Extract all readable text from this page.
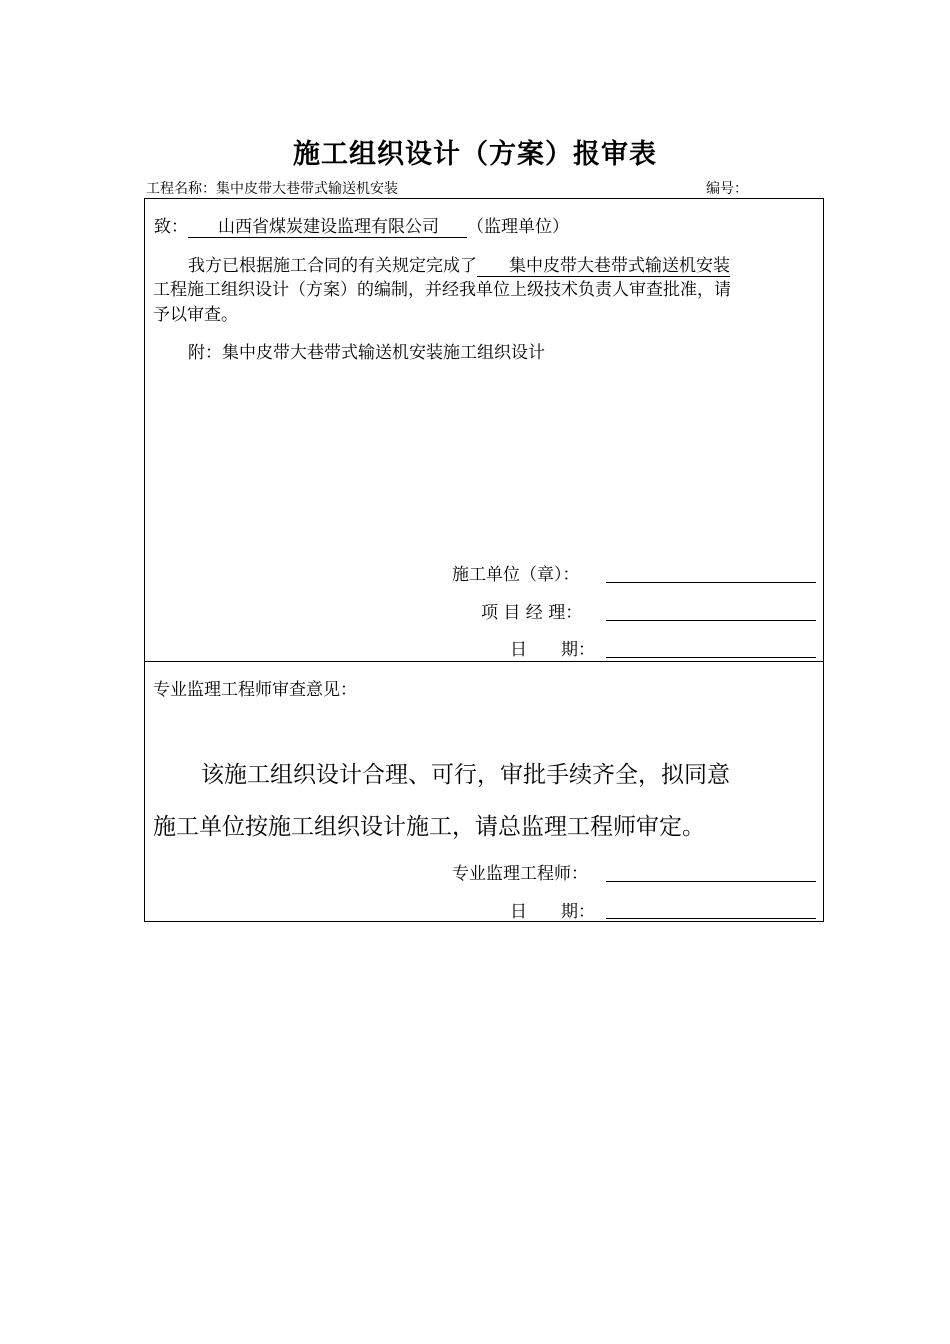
施工组织设计（方案）报审表
工程名称：集中皮带大巷带式输送机安装	编号：
致： 山西省煤炭建设监理有限公司 （监理单位）
我方已根据施工合同的有关规定完成了 集中皮带大巷带式输送机安装
工程施工组织设计（方案）的编制，并经我单位上级技术负责人审查批准，请
予以审查。
附：集中皮带大巷带式输送机安装施工组织设计
施工单位（章）：
项 目 经 理：
日　　期：
专业监理工程师审查意见：
该施工组织设计合理、可行，审批手续齐全，拟同意
施工单位按施工组织设计施工，请总监理工程师审定。
专业监理工程师：
日　　期：
